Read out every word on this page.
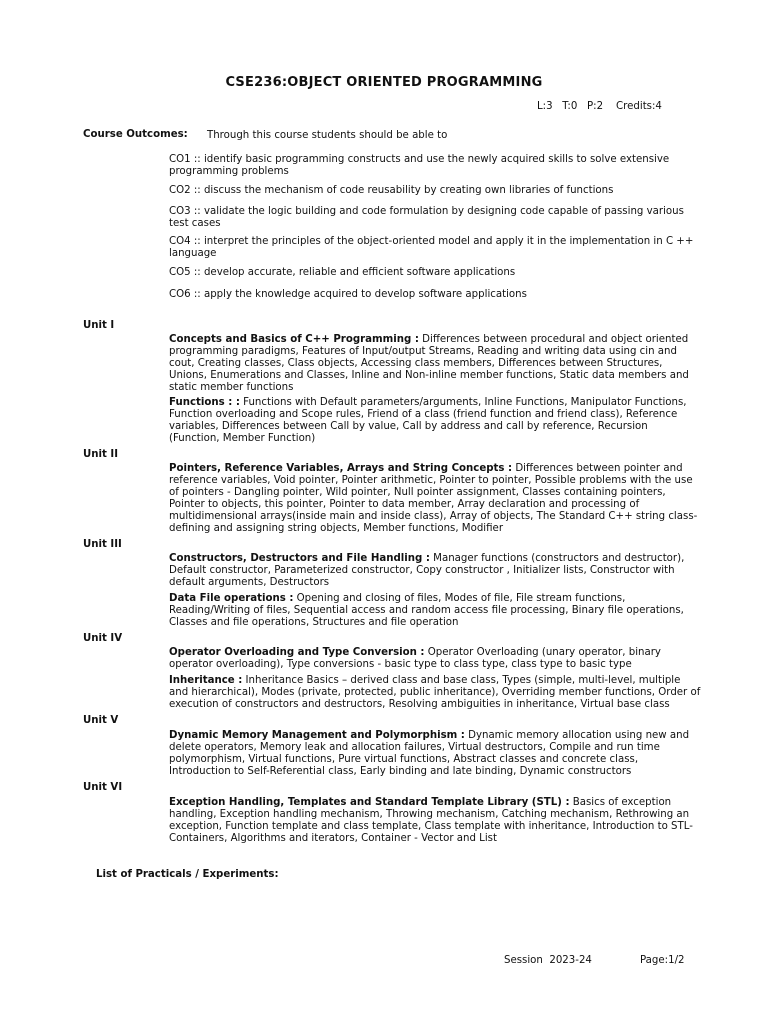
CSE236:OBJECT ORIENTED PROGRAMMING
L:3   T:0   P:2    Credits:4
Course Outcomes: Through this course students should be able to
CO1 :: identify basic programming constructs and use the newly acquired skills to solve extensive programming problems
CO2 :: discuss the mechanism of code reusability by creating own libraries of functions
CO3 :: validate the logic building and code formulation by designing code capable of passing various test cases
CO4 :: interpret the principles of the object-oriented model and apply it in the implementation in C ++ language
CO5 :: develop accurate, reliable and efficient software applications
CO6 :: apply the knowledge acquired to develop software applications
Unit I
Concepts and Basics of C++ Programming : Differences between procedural and object oriented programming paradigms, Features of Input/output Streams, Reading and writing data using cin and cout, Creating classes, Class objects, Accessing class members, Differences between Structures, Unions, Enumerations and Classes, Inline and Non-inline member functions, Static data members and static member functions
Functions : : Functions with Default parameters/arguments, Inline Functions, Manipulator Functions, Function overloading and Scope rules, Friend of a class (friend function and friend class), Reference variables, Differences between Call by value, Call by address and call by reference, Recursion (Function, Member Function)
Unit II
Pointers, Reference Variables, Arrays and String Concepts : Differences between pointer and reference variables, Void pointer, Pointer arithmetic, Pointer to pointer, Possible problems with the use of pointers - Dangling pointer, Wild pointer, Null pointer assignment, Classes containing pointers, Pointer to objects, this pointer, Pointer to data member, Array declaration and processing of multidimensional arrays(inside main and inside class), Array of objects, The Standard C++ string class-defining and assigning string objects, Member functions, Modifier
Unit III
Constructors, Destructors and File Handling : Manager functions (constructors and destructor), Default constructor, Parameterized constructor, Copy constructor , Initializer lists, Constructor with default arguments, Destructors
Data File operations : Opening and closing of files, Modes of file, File stream functions, Reading/Writing of files, Sequential access and random access file processing, Binary file operations, Classes and file operations, Structures and file operation
Unit IV
Operator Overloading and Type Conversion : Operator Overloading (unary operator, binary operator overloading), Type conversions - basic type to class type, class type to basic type
Inheritance : Inheritance Basics – derived class and base class, Types (simple, multi-level, multiple and hierarchical), Modes (private, protected, public inheritance), Overriding member functions, Order of execution of constructors and destructors, Resolving ambiguities in inheritance, Virtual base class
Unit V
Dynamic Memory Management and Polymorphism : Dynamic memory allocation using new and delete operators, Memory leak and allocation failures, Virtual destructors, Compile and run time polymorphism, Virtual functions, Pure virtual functions, Abstract classes and concrete class, Introduction to Self-Referential class, Early binding and late binding, Dynamic constructors
Unit VI
Exception Handling, Templates and Standard Template Library (STL) : Basics of exception handling, Exception handling mechanism, Throwing mechanism, Catching mechanism, Rethrowing an exception, Function template and class template, Class template with inheritance, Introduction to STL- Containers, Algorithms and iterators, Container - Vector and List
List of Practicals / Experiments:
Session  2023-24	Page:1/2
